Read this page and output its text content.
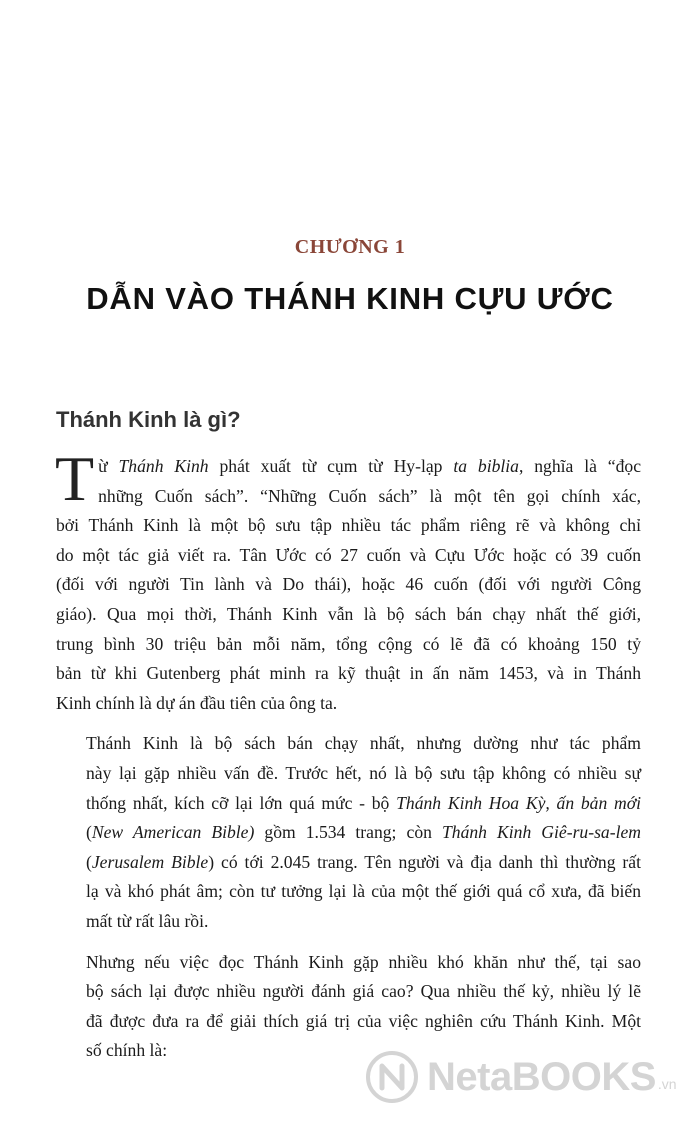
CHƯƠNG 1
DẪN VÀO THÁNH KINH CỰU ƯỚC
Thánh Kinh là gì?
T ừ Thánh Kinh phát xuất từ cụm từ Hy-lạp ta biblia, nghĩa là “đọc
những Cuốn sách”. “Những Cuốn sách” là một tên gọi chính xác,
bởi Thánh Kinh là một bộ sưu tập nhiều tác phẩm riêng rẽ và không chỉ
do một tác giả viết ra. Tân Ước có 27 cuốn và Cựu Ước hoặc có 39 cuốn
(đối với người Tin lành và Do thái), hoặc 46 cuốn (đối với người Công
giáo). Qua mọi thời, Thánh Kinh vẫn là bộ sách bán chạy nhất thế giới,
trung bình 30 triệu bản mỗi năm, tổng cộng có lẽ đã có khoảng 150 tỷ
bản từ khi Gutenberg phát minh ra kỹ thuật in ấn năm 1453, và in Thánh
Kinh chính là dự án đầu tiên của ông ta.
Thánh Kinh là bộ sách bán chạy nhất, nhưng dường như tác phẩm
này lại gặp nhiều vấn đề. Trước hết, nó là bộ sưu tập không có nhiều sự
thống nhất, kích cỡ lại lớn quá mức - bộ Thánh Kinh Hoa Kỳ, ấn bản mới
(New American Bible) gồm 1.534 trang; còn Thánh Kinh Giê-ru-sa-lem
(Jerusalem Bible) có tới 2.045 trang. Tên người và địa danh thì thường rất
lạ và khó phát âm; còn tư tưởng lại là của một thế giới quá cổ xưa, đã biến
mất từ rất lâu rồi.
Nhưng nếu việc đọc Thánh Kinh gặp nhiều khó khăn như thế, tại sao
bộ sách lại được nhiều người đánh giá cao? Qua nhiều thế kỷ, nhiều lý lẽ
đã được đưa ra để giải thích giá trị của việc nghiên cứu Thánh Kinh. Một
số chính là:
NetaBOOKS .vn
